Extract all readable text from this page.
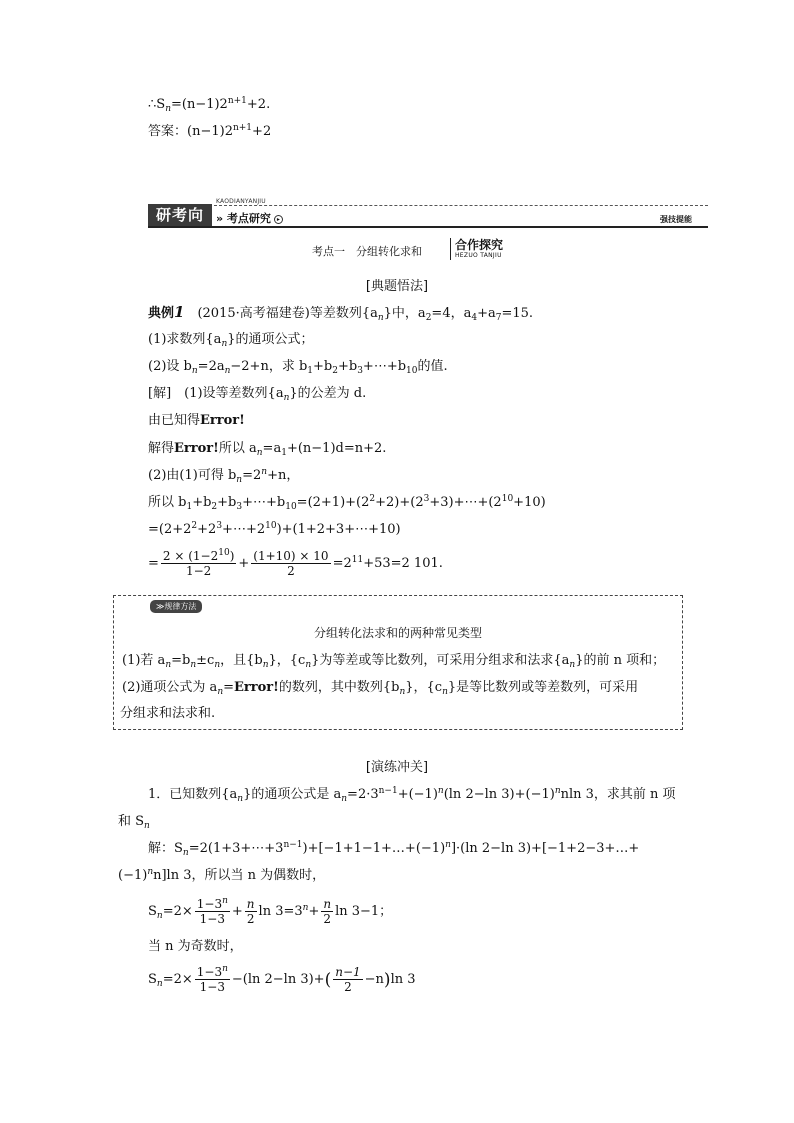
$\therefore S_n=(n-1)2^{n+1}+2$.
答案：$(n-1)2^{n+1}+2$
研考向
KAODIANYANJIU
» 考点研究 ▸	强技提能
考点一　分组转化求和	合作探究
HEZUO TANJIU
[典题悟法]
典例1　 (2015·高考福建卷)等差数列$\{a_n\}$中，$a_2=4$，$a_4+a_7=15$.
(1)求数列$\{a_n\}$的通项公式；
(2)设 $b_n=2a_n-2+n$，求 $b_1+b_2+b_3+\cdots+b_{10}$的值.
[解]　(1)设等差数列$\{a_n\}$的公差为 d.
由已知得Error!
解得Error!所以 $a_n=a_1+(n-1)d=n+2$.
(2)由(1)可得 $b_n=2^n+n$，
所以 $b_1+b_2+b_3+\cdots+b_{10}=(2+1)+(2^2+2)+(2^3+3)+\cdots+(2^{10}+10)$
$=(2+2^2+2^3+\cdots+2^{10})+(1+2+3+\cdots+10)$
= $\frac{2 \times (1-2^{10})}{1-2} + \frac{(1+10) \times 10}{2} =2^{11}+53=2$ 101.
≫规律方法
分组转化法求和的两种常见类型
(1)若 $a_n=b_n\pm c_n$，且$\{b_n\}$，$\{c_n\}$为等差或等比数列，可采用分组求和法求$\{a_n\}$的前 n 项和；
(2)通项公式为 $a_n=Error$!的数列，其中数列$\{b_n\}$，$\{c_n\}$是等比数列或等差数列，可采用
分组求和法求和.
[演练冲关]
1．已知数列$\{a_n\}$的通项公式是 $a_n=2\cdot 3^{n-1}+(-1)^n(\ln$ 2−ln $3)+(-1)^nnln$ 3，求其前 n 项
和 $S_n$
解：$S_n=2(1+3+\cdots+3^{n-1})+[-1+1-1+\dots+(-1)^n]\cdot(\ln$ 2−ln 3)+[−1+2−3+…+
$(-1)^nn]\ln$ 3，所以当 n 为偶数时，
$S_n=2\times \frac{1-3^n}{1-3} + \frac{n}{2}$ $\ln 3=3^n+ \frac{n}{2}$ ln 3−1；
当 n 为奇数时，
$S_n=2\times \frac{1-3^n}{1-3} -(\ln$ 2−ln $3)+( \frac{n-1}{2} -n)\ln$ 3
